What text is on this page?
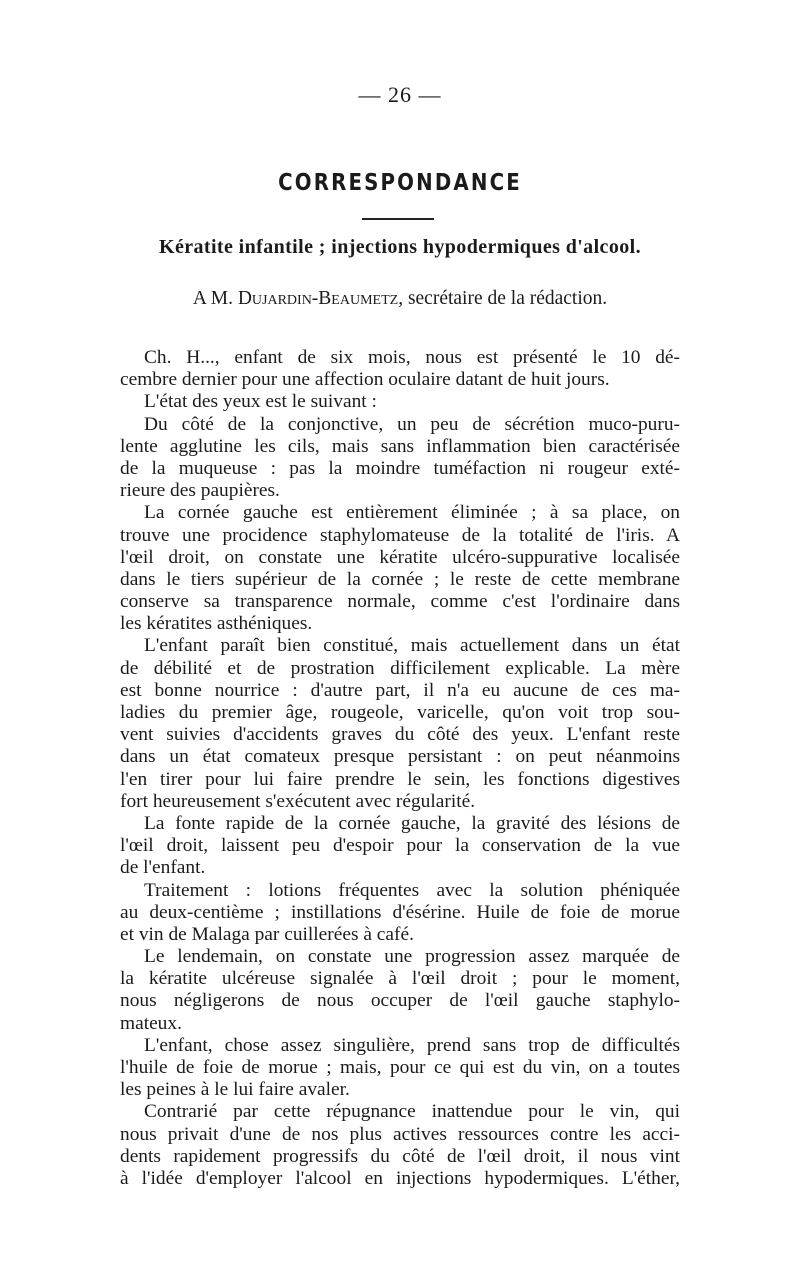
— 26 —
CORRESPONDANCE
Kératite infantile ; injections hypodermiques d'alcool.
A M. Dujardin-Beaumetz, secrétaire de la rédaction.
Ch. H..., enfant de six mois, nous est présenté le 10 dé-
cembre dernier pour une affection oculaire datant de huit jours.
L'état des yeux est le suivant :
Du côté de la conjonctive, un peu de sécrétion muco-puru-
lente agglutine les cils, mais sans inflammation bien caractérisée
de la muqueuse : pas la moindre tuméfaction ni rougeur exté-
rieure des paupières.
La cornée gauche est entièrement éliminée ; à sa place, on
trouve une procidence staphylomateuse de la totalité de l'iris. A
l'œil droit, on constate une kératite ulcéro-suppurative localisée
dans le tiers supérieur de la cornée ; le reste de cette membrane
conserve sa transparence normale, comme c'est l'ordinaire dans
les kératites asthéniques.
L'enfant paraît bien constitué, mais actuellement dans un état
de débilité et de prostration difficilement explicable. La mère
est bonne nourrice : d'autre part, il n'a eu aucune de ces ma-
ladies du premier âge, rougeole, varicelle, qu'on voit trop sou-
vent suivies d'accidents graves du côté des yeux. L'enfant reste
dans un état comateux presque persistant : on peut néanmoins
l'en tirer pour lui faire prendre le sein, les fonctions digestives
fort heureusement s'exécutent avec régularité.
La fonte rapide de la cornée gauche, la gravité des lésions de
l'œil droit, laissent peu d'espoir pour la conservation de la vue
de l'enfant.
Traitement : lotions fréquentes avec la solution phéniquée
au deux-centième ; instillations d'ésérine. Huile de foie de morue
et vin de Malaga par cuillerées à café.
Le lendemain, on constate une progression assez marquée de
la kératite ulcéreuse signalée à l'œil droit ; pour le moment,
nous négligerons de nous occuper de l'œil gauche staphylo-
mateux.
L'enfant, chose assez singulière, prend sans trop de difficultés
l'huile de foie de morue ; mais, pour ce qui est du vin, on a toutes
les peines à le lui faire avaler.
Contrarié par cette répugnance inattendue pour le vin, qui
nous privait d'une de nos plus actives ressources contre les acci-
dents rapidement progressifs du côté de l'œil droit, il nous vint
à l'idée d'employer l'alcool en injections hypodermiques. L'éther,
